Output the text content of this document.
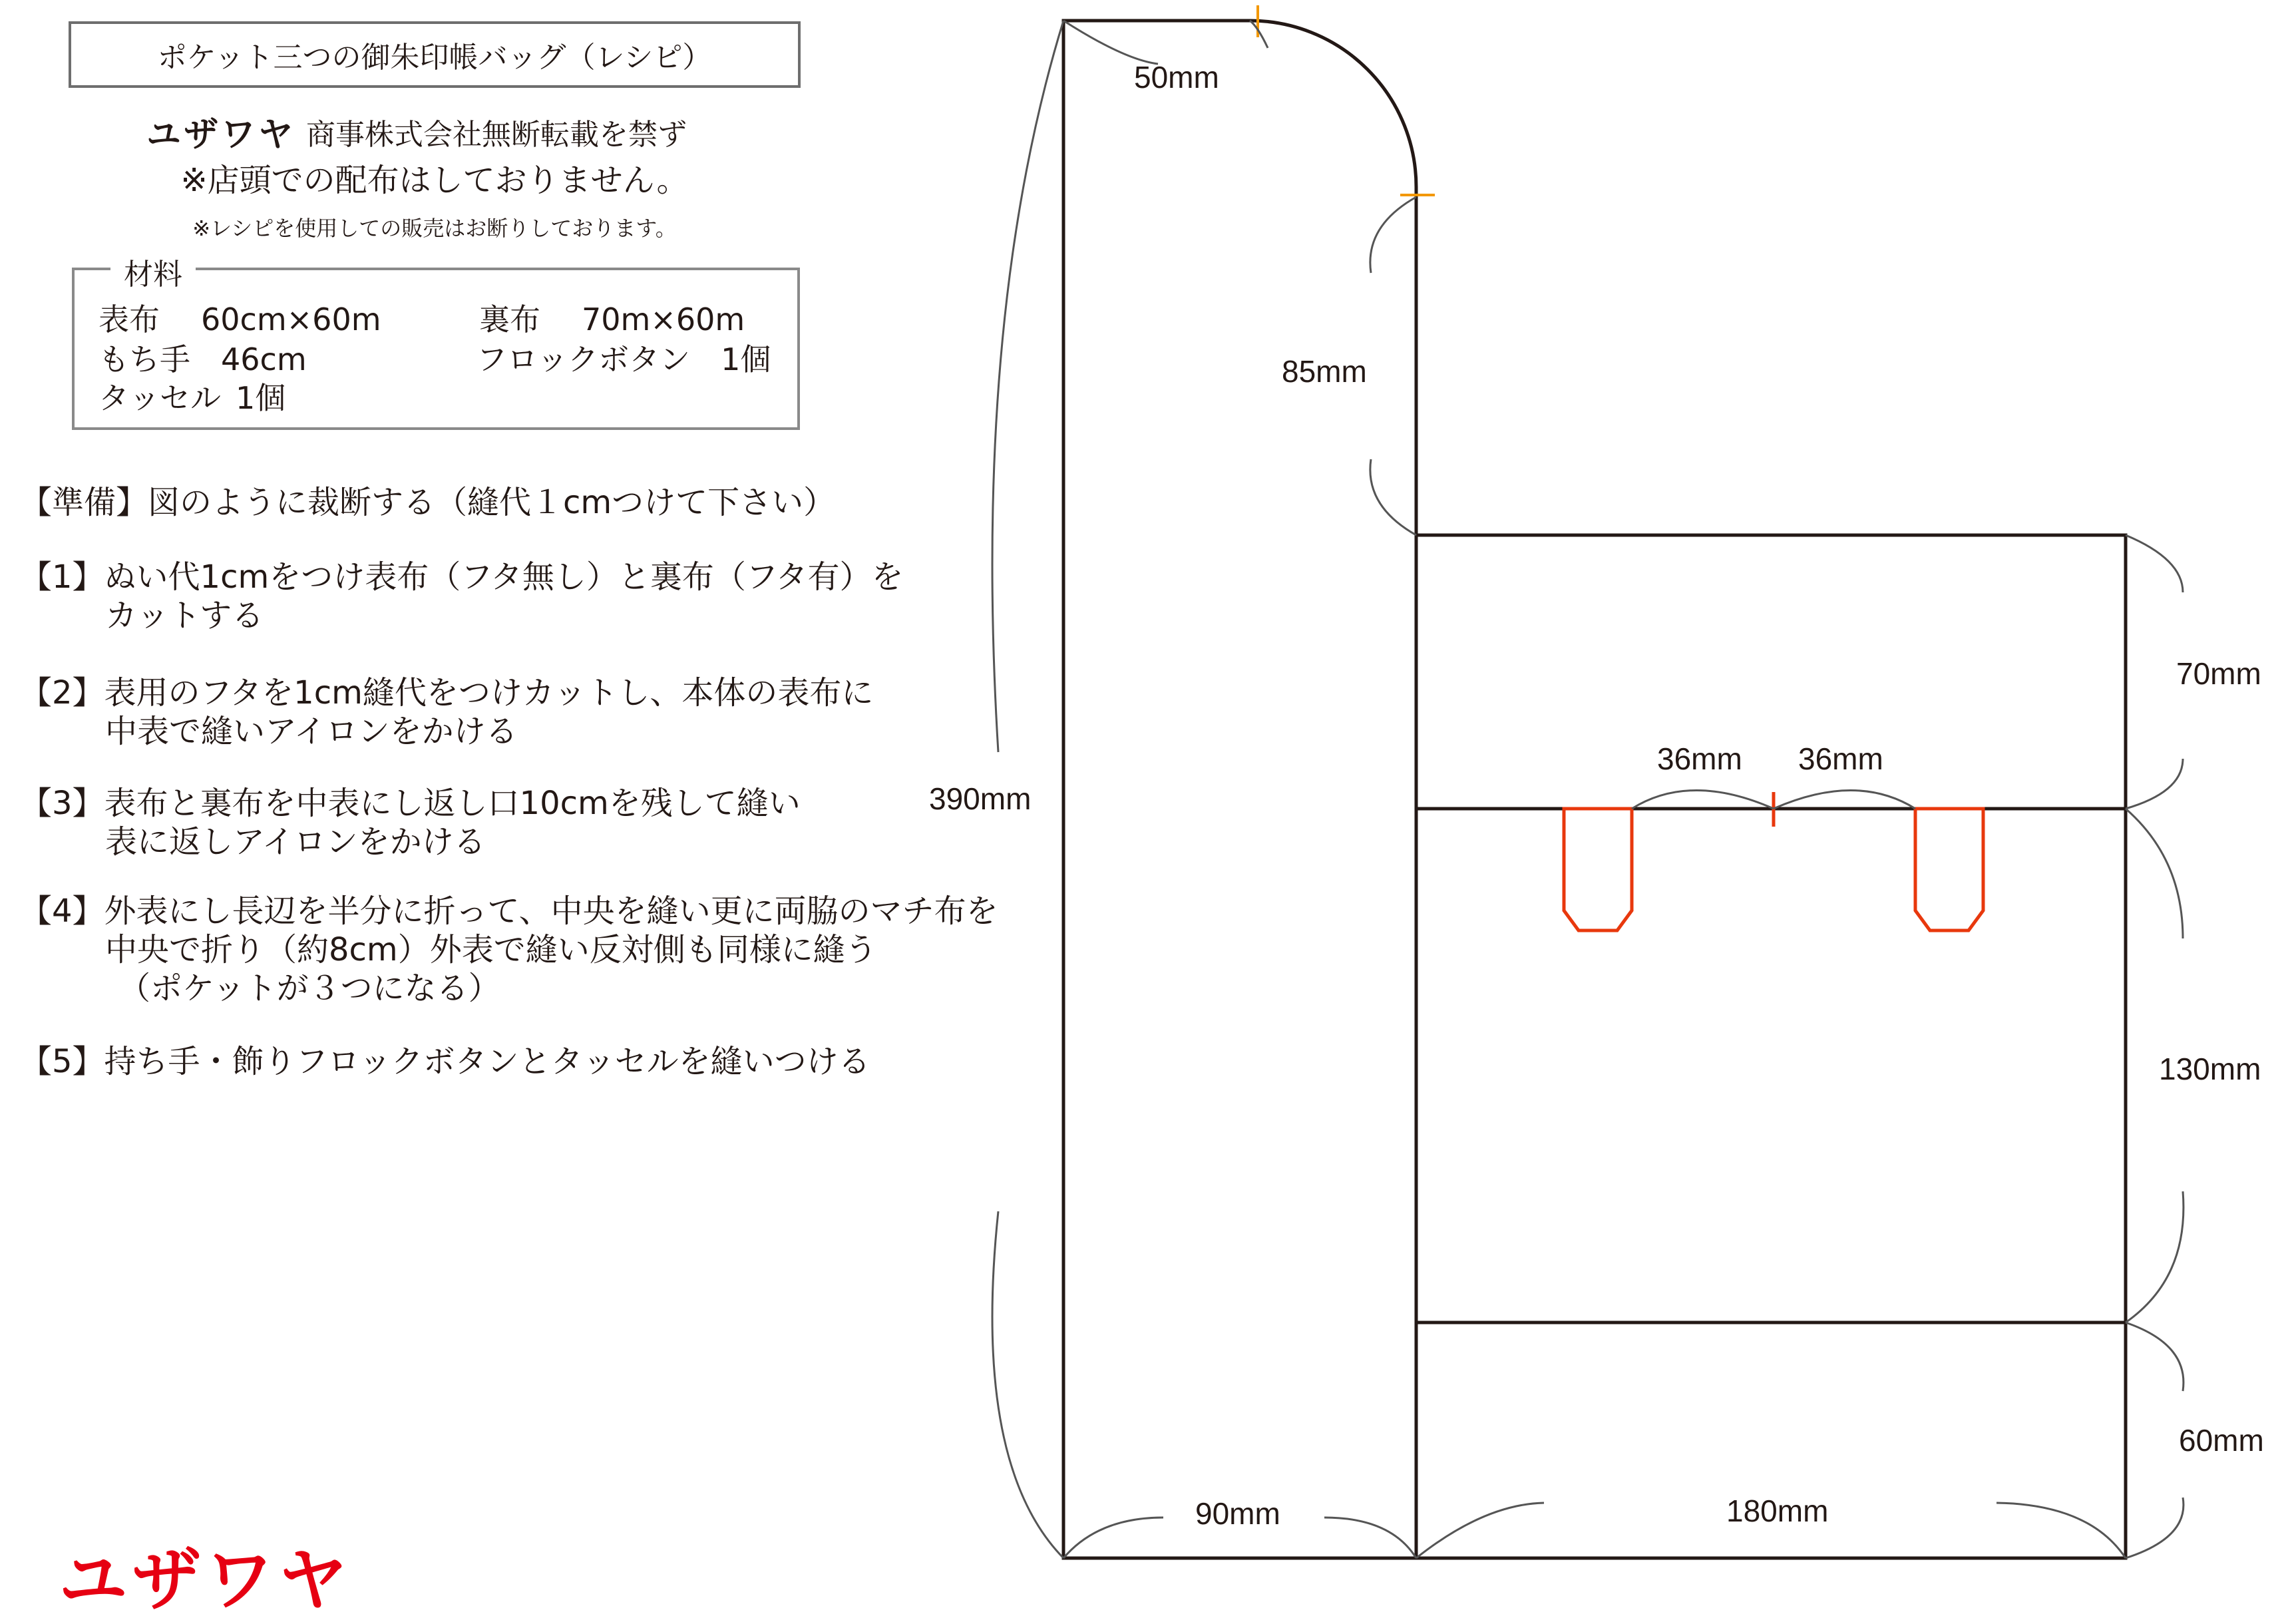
ポケット三つの御朱印帳バッグ（レシピ）
ユザワヤ 商事株式会社無断転載を禁ず
※店頭での配布はしておりません。
※レシピを使用しての販売はお断りしております。
材料
表布 60cm×60m	裏布 70m×60m
もち手 46cm	フロックボタン 1個
タッセル 1個
【準備】図のように裁断する（縫代１cmつけて下さい）
【1】ぬい代1cmをつけ表布（フタ無し）と裏布（フタ有）を
カットする
【2】表用のフタを1cm縫代をつけカットし、本体の表布に
中表で縫いアイロンをかける
【3】表布と裏布を中表にし返し口10cmを残して縫い
表に返しアイロンをかける
【4】外表にし長辺を半分に折って、中央を縫い更に両脇のマチ布を
中央で折り（約8cm）外表で縫い反対側も同様に縫う
（ポケットが３つになる）
【5】持ち手・飾りフロックボタンとタッセルを縫いつける
ユザワヤ
50mm
85mm
390mm
70mm
130mm
60mm
36mm 36mm
90mm	180mm
